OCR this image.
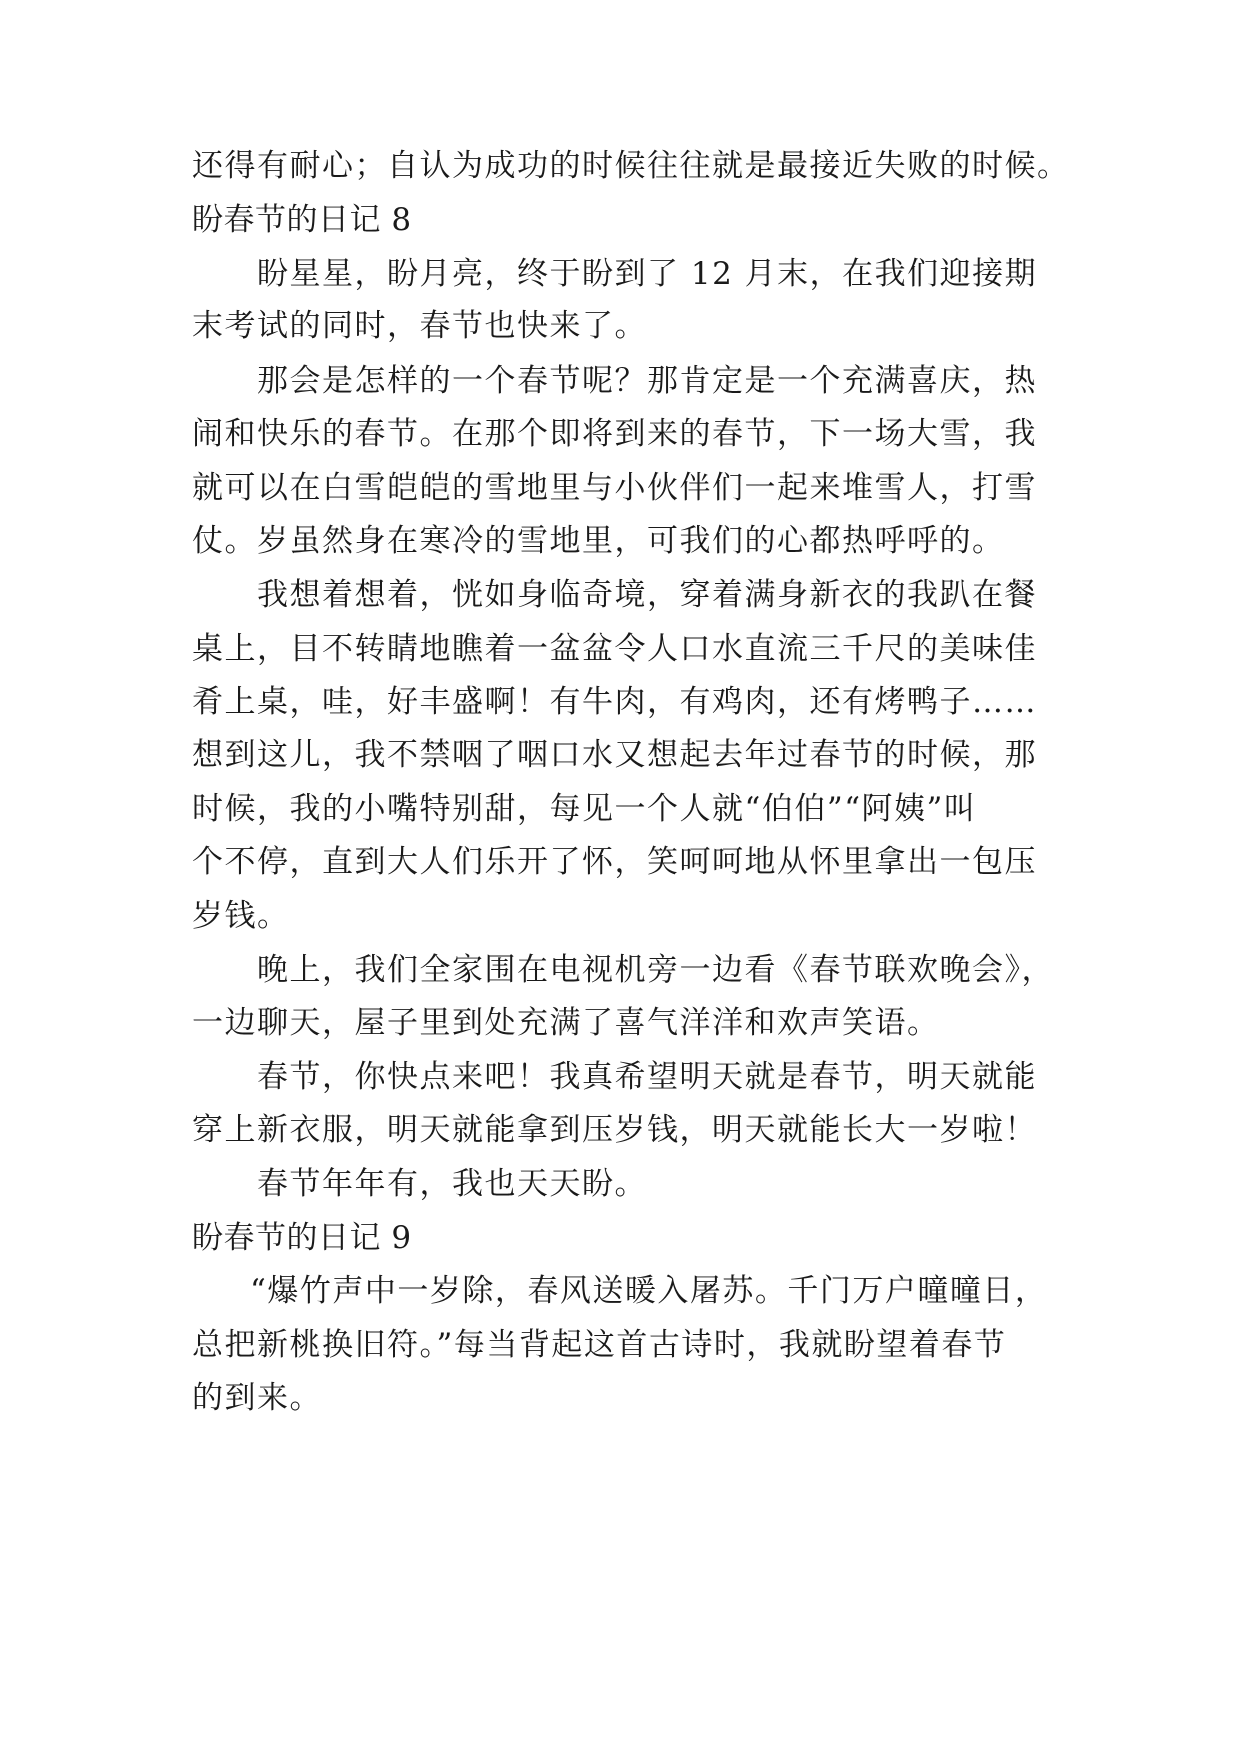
还得有耐心；自认为成功的时候往往就是最接近失败的时候。
盼春节的日记 8
盼星星，盼月亮，终于盼到了 12 月末，在我们迎接期
末考试的同时，春节也快来了。
那会是怎样的一个春节呢？那肯定是一个充满喜庆，热
闹和快乐的春节。在那个即将到来的春节，下一场大雪，我
就可以在白雪皑皑的雪地里与小伙伴们一起来堆雪人，打雪
仗。岁虽然身在寒冷的雪地里，可我们的心都热呼呼的。
我想着想着，恍如身临奇境，穿着满身新衣的我趴在餐
桌上，目不转睛地瞧着一盆盆令人口水直流三千尺的美味佳
肴上桌，哇，好丰盛啊！有牛肉，有鸡肉，还有烤鸭子……
想到这儿，我不禁咽了咽口水又想起去年过春节的时候，那
时候，我的小嘴特别甜，每见一个人就“伯伯”“阿姨”叫
个不停，直到大人们乐开了怀，笑呵呵地从怀里拿出一包压
岁钱。
晚上，我们全家围在电视机旁一边看《春节联欢晚会》，
一边聊天，屋子里到处充满了喜气洋洋和欢声笑语。
春节，你快点来吧！我真希望明天就是春节，明天就能
穿上新衣服，明天就能拿到压岁钱，明天就能长大一岁啦！
春节年年有，我也天天盼。
盼春节的日记 9
“爆竹声中一岁除，春风送暖入屠苏。千门万户曈曈日，
总把新桃换旧符。”每当背起这首古诗时，我就盼望着春节
的到来。
